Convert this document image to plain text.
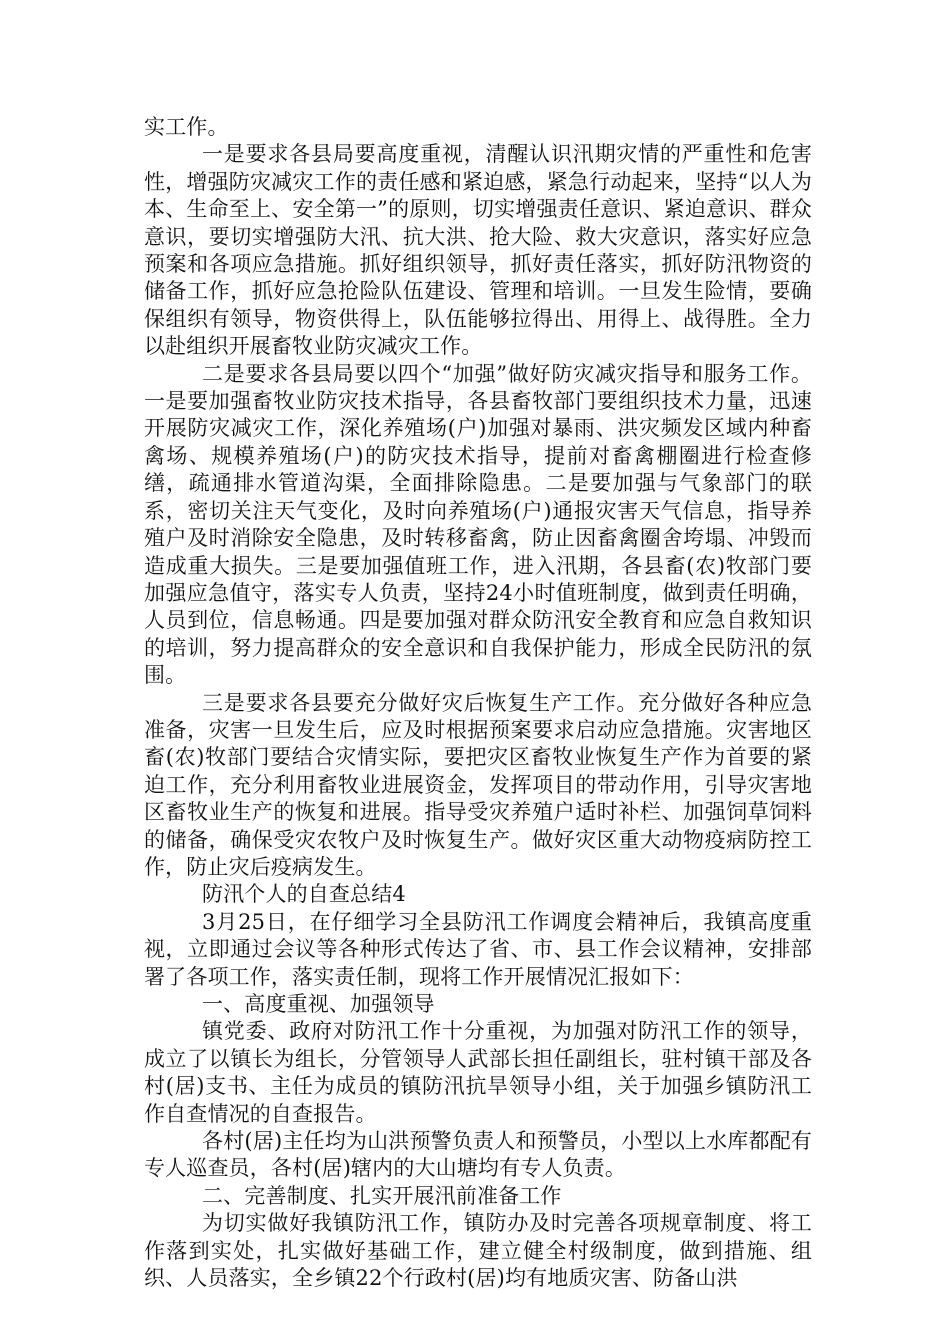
实工作。

一是要求各县局要高度重视，清醒认识汛期灾情的严重性和危害性，增强防灾减灾工作的责任感和紧迫感，紧急行动起来，坚持“以人为本、生命至上、安全第一”的原则，切实增强责任意识、紧迫意识、群众意识，要切实增强防大汛、抗大洪、抢大险、救大灾意识，落实好应急预案和各项应急措施。抓好组织领导，抓好责任落实，抓好防汛物资的储备工作，抓好应急抢险队伍建设、管理和培训。一旦发生险情，要确保组织有领导，物资供得上，队伍能够拉得出、用得上、战得胜。全力以赴组织开展畜牧业防灾减灾工作。

二是要求各县局要以四个“加强”做好防灾减灾指导和服务工作。一是要加强畜牧业防灾技术指导，各县畜牧部门要组织技术力量，迅速开展防灾减灾工作，深化养殖场(户)加强对暴雨、洪灾频发区域内种畜禽场、规模养殖场(户)的防灾技术指导，提前对畜禽棚圈进行检查修缮，疏通排水管道沟渠，全面排除隐患。二是要加强与气象部门的联系，密切关注天气变化，及时向养殖场(户)通报灾害天气信息，指导养殖户及时消除安全隐患，及时转移畜禽，防止因畜禽圈舍垮塌、冲毁而造成重大损失。三是要加强值班工作，进入汛期，各县畜(农)牧部门要加强应急值守，落实专人负责，坚持24小时值班制度，做到责任明确，人员到位，信息畅通。四是要加强对群众防汛安全教育和应急自救知识的培训，努力提高群众的安全意识和自我保护能力，形成全民防汛的氛围。

三是要求各县要充分做好灾后恢复生产工作。充分做好各种应急准备，灾害一旦发生后，应及时根据预案要求启动应急措施。灾害地区畜(农)牧部门要结合灾情实际，要把灾区畜牧业恢复生产作为首要的紧迫工作，充分利用畜牧业进展资金，发挥项目的带动作用，引导灾害地区畜牧业生产的恢复和进展。指导受灾养殖户适时补栏、加强饲草饲料的储备，确保受灾农牧户及时恢复生产。做好灾区重大动物疫病防控工作，防止灾后疫病发生。

防汛个人的自查总结4

3月25日，在仔细学习全县防汛工作调度会精神后，我镇高度重视，立即通过会议等各种形式传达了省、市、县工作会议精神，安排部署了各项工作，落实责任制，现将工作开展情况汇报如下：

一、高度重视、加强领导

镇党委、政府对防汛工作十分重视，为加强对防汛工作的领导，成立了以镇长为组长，分管领导人武部长担任副组长，驻村镇干部及各村(居)支书、主任为成员的镇防汛抗旱领导小组，关于加强乡镇防汛工作自查情况的自查报告。

各村(居)主任均为山洪预警负责人和预警员，小型以上水库都配有专人巡查员，各村(居)辖内的大山塘均有专人负责。

二、完善制度、扎实开展汛前准备工作

为切实做好我镇防汛工作，镇防办及时完善各项规章制度、将工作落到实处，扎实做好基础工作，建立健全村级制度，做到措施、组织、人员落实，全乡镇22个行政村(居)均有地质灾害、防备山洪
